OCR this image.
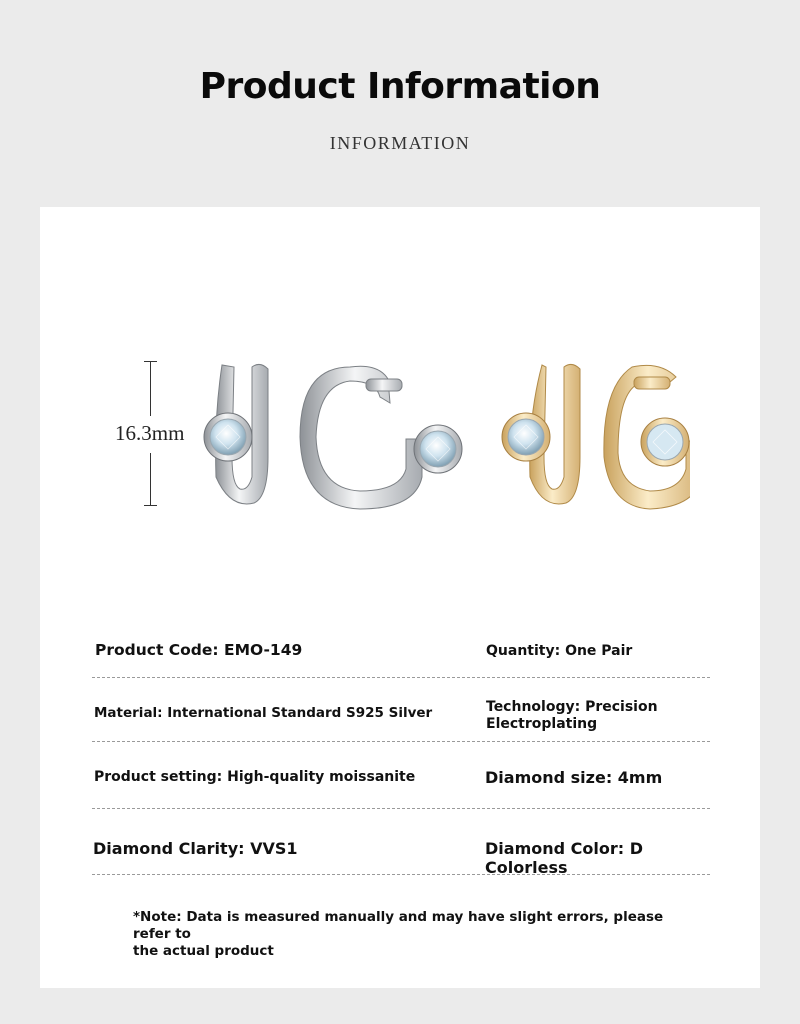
Product Information
INFORMATION
16.3mm
Product Code: EMO-149	Quantity: One Pair
Material: International Standard S925 Silver	Technology: Precision
Electroplating
Product setting: High-quality moissanite	Diamond size: 4mm
Diamond Clarity: VVS1	Diamond Color: D Colorless
*Note: Data is measured manually and may have slight errors, please refer to
the actual product
